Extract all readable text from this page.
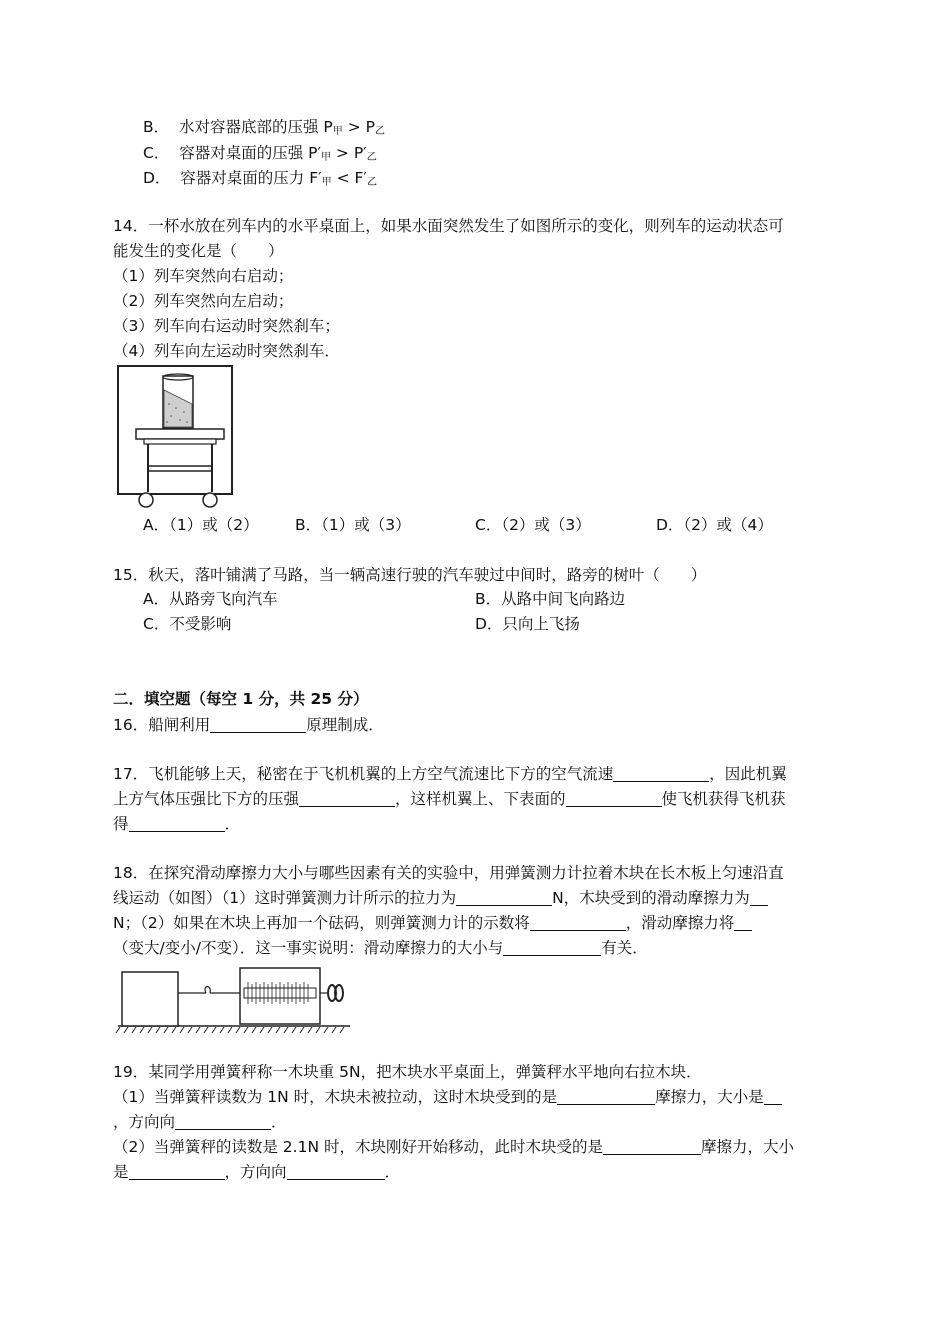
B． 水对容器底部的压强 $P_甲 > P_乙$
C． 容器对桌面的压强 $P'_甲 > P'_乙$
D． 容器对桌面的压力 $F'_甲 < F'_乙$
14．一杯水放在列车内的水平桌面上，如果水面突然发生了如图所示的变化，则列车的运动状态可
能发生的变化是（　　）
（1）列车突然向右启动；
（2）列车突然向左启动；
（3）列车向右运动时突然刹车；
（4）列车向左运动时突然刹车．
A．（1）或（2） B．（1）或（3）	C．（2）或（3）	D．（2）或（4）
15．秋天，落叶铺满了马路，当一辆高速行驶的汽车驶过中间时，路旁的树叶（　　）
A．从路旁飞向汽车	B．从路中间飞向路边
C．不受影响	D．只向上飞扬
二．填空题（每空 1 分，共 25 分）
16．船闸利用	原理制成．
17．飞机能够上天，秘密在于飞机机翼的上方空气流速比下方的空气流速	，因此机翼
上方气体压强比下方的压强	，这样机翼上、下表面的	使飞机获得飞机获
得	．
18．在探究滑动摩擦力大小与哪些因素有关的实验中，用弹簧测力计拉着木块在长木板上匀速沿直
线运动（如图）（1）这时弹簧测力计所示的拉力为	N，木块受到的滑动摩擦力为
N；（2）如果在木块上再加一个砝码，则弹簧测力计的示数将	，滑动摩擦力将
（变大/变小/不变）．这一事实说明：滑动摩擦力的大小与	有关．
19．某同学用弹簧秤称一木块重 5N，把木块水平桌面上，弹簧秤水平地向右拉木块．
（1）当弹簧秤读数为 1N 时，木块未被拉动，这时木块受到的是	摩擦力，大小是
，方向向	．
（2）当弹簧秤的读数是 2.1N 时，木块刚好开始移动，此时木块受的是	摩擦力，大小
是	，方向向	．
